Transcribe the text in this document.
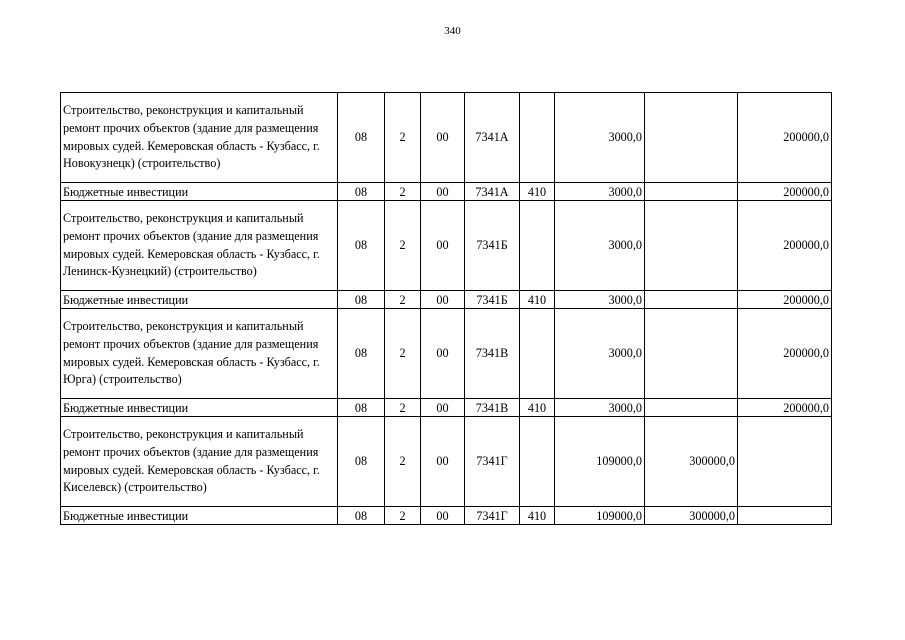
340
Строительство, реконструкция и капитальный ремонт прочих объектов (здание для размещения мировых судей. Кемеровская область - Кузбасс, г. Новокузнецк) (строительство)	08	2	00	7341А		3000,0		200000,0
Бюджетные инвестиции	08	2	00	7341А	410	3000,0		200000,0
Строительство, реконструкция и капитальный ремонт прочих объектов (здание для размещения мировых судей. Кемеровская область - Кузбасс, г. Ленинск-Кузнецкий) (строительство)	08	2	00	7341Б		3000,0		200000,0
Бюджетные инвестиции	08	2	00	7341Б	410	3000,0		200000,0
Строительство, реконструкция и капитальный ремонт прочих объектов (здание для размещения мировых судей. Кемеровская область - Кузбасс, г. Юрга) (строительство)	08	2	00	7341В		3000,0		200000,0
Бюджетные инвестиции	08	2	00	7341В	410	3000,0		200000,0
Строительство, реконструкция и капитальный ремонт прочих объектов (здание для размещения мировых судей. Кемеровская область - Кузбасс, г. Киселевск) (строительство)	08	2	00	7341Г		109000,0	300000,0	
Бюджетные инвестиции	08	2	00	7341Г	410	109000,0	300000,0	
